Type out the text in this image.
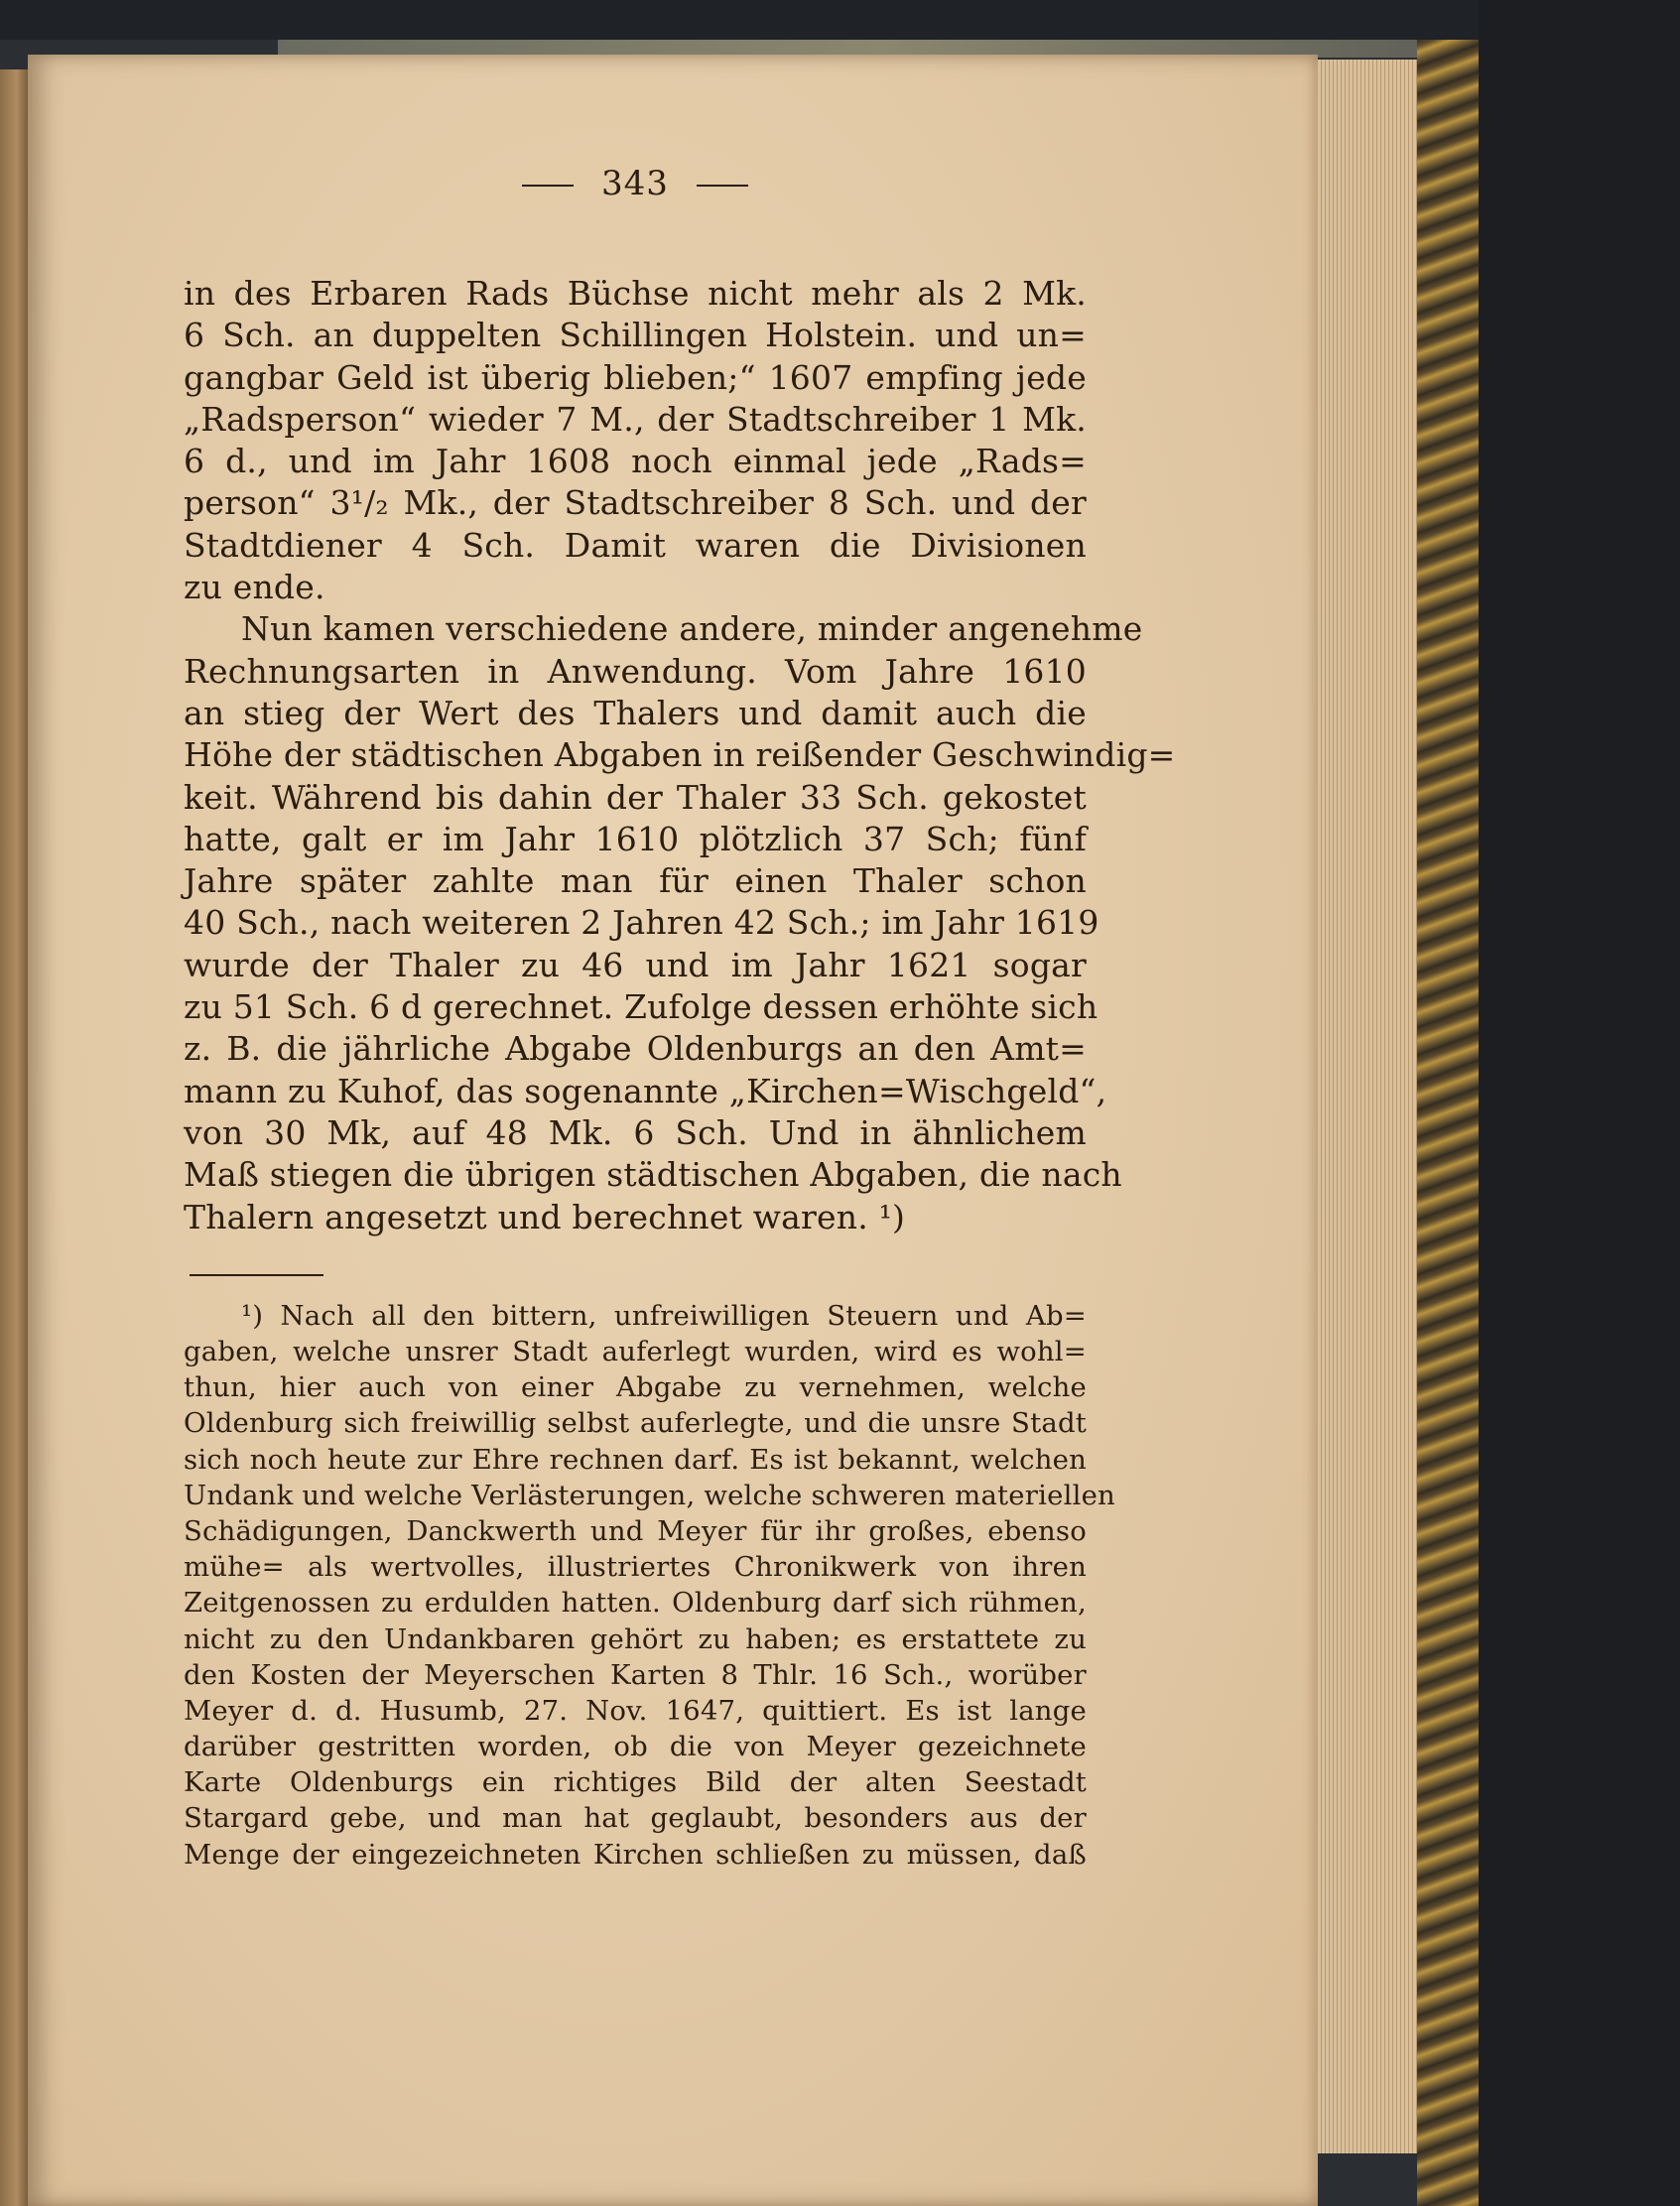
343
in des Erbaren Rads Büchse nicht mehr als 2 Mk.
6 Sch. an duppelten Schillingen Holstein. und un=
gangbar Geld ist überig blieben;“ 1607 empfing jede
„Radsperson“ wieder 7 M., der Stadtschreiber 1 Mk.
6 d., und im Jahr 1608 noch einmal jede „Rads=
person“ 3¹/₂ Mk., der Stadtschreiber 8 Sch. und der
Stadtdiener 4 Sch. Damit waren die Divisionen
zu ende.
Nun kamen verschiedene andere, minder angenehme
Rechnungsarten in Anwendung. Vom Jahre 1610
an stieg der Wert des Thalers und damit auch die
Höhe der städtischen Abgaben in reißender Geschwindig=
keit. Während bis dahin der Thaler 33 Sch. gekostet
hatte, galt er im Jahr 1610 plötzlich 37 Sch; fünf
Jahre später zahlte man für einen Thaler schon
40 Sch., nach weiteren 2 Jahren 42 Sch.; im Jahr 1619
wurde der Thaler zu 46 und im Jahr 1621 sogar
zu 51 Sch. 6 d gerechnet. Zufolge dessen erhöhte sich
z. B. die jährliche Abgabe Oldenburgs an den Amt=
mann zu Kuhof, das sogenannte „Kirchen=Wischgeld“,
von 30 Mk, auf 48 Mk. 6 Sch. Und in ähnlichem
Maß stiegen die übrigen städtischen Abgaben, die nach
Thalern angesetzt und berechnet waren. ¹)
¹) Nach all den bittern, unfreiwilligen Steuern und Ab=
gaben, welche unsrer Stadt auferlegt wurden, wird es wohl=
thun, hier auch von einer Abgabe zu vernehmen, welche
Oldenburg sich freiwillig selbst auferlegte, und die unsre Stadt
sich noch heute zur Ehre rechnen darf. Es ist bekannt, welchen
Undank und welche Verlästerungen, welche schweren materiellen
Schädigungen, Danckwerth und Meyer für ihr großes, ebenso
mühe= als wertvolles, illustriertes Chronikwerk von ihren
Zeitgenossen zu erdulden hatten. Oldenburg darf sich rühmen,
nicht zu den Undankbaren gehört zu haben; es erstattete zu
den Kosten der Meyerschen Karten 8 Thlr. 16 Sch., worüber
Meyer d. d. Husumb, 27. Nov. 1647, quittiert. Es ist lange
darüber gestritten worden, ob die von Meyer gezeichnete
Karte Oldenburgs ein richtiges Bild der alten Seestadt
Stargard gebe, und man hat geglaubt, besonders aus der
Menge der eingezeichneten Kirchen schließen zu müssen, daß
